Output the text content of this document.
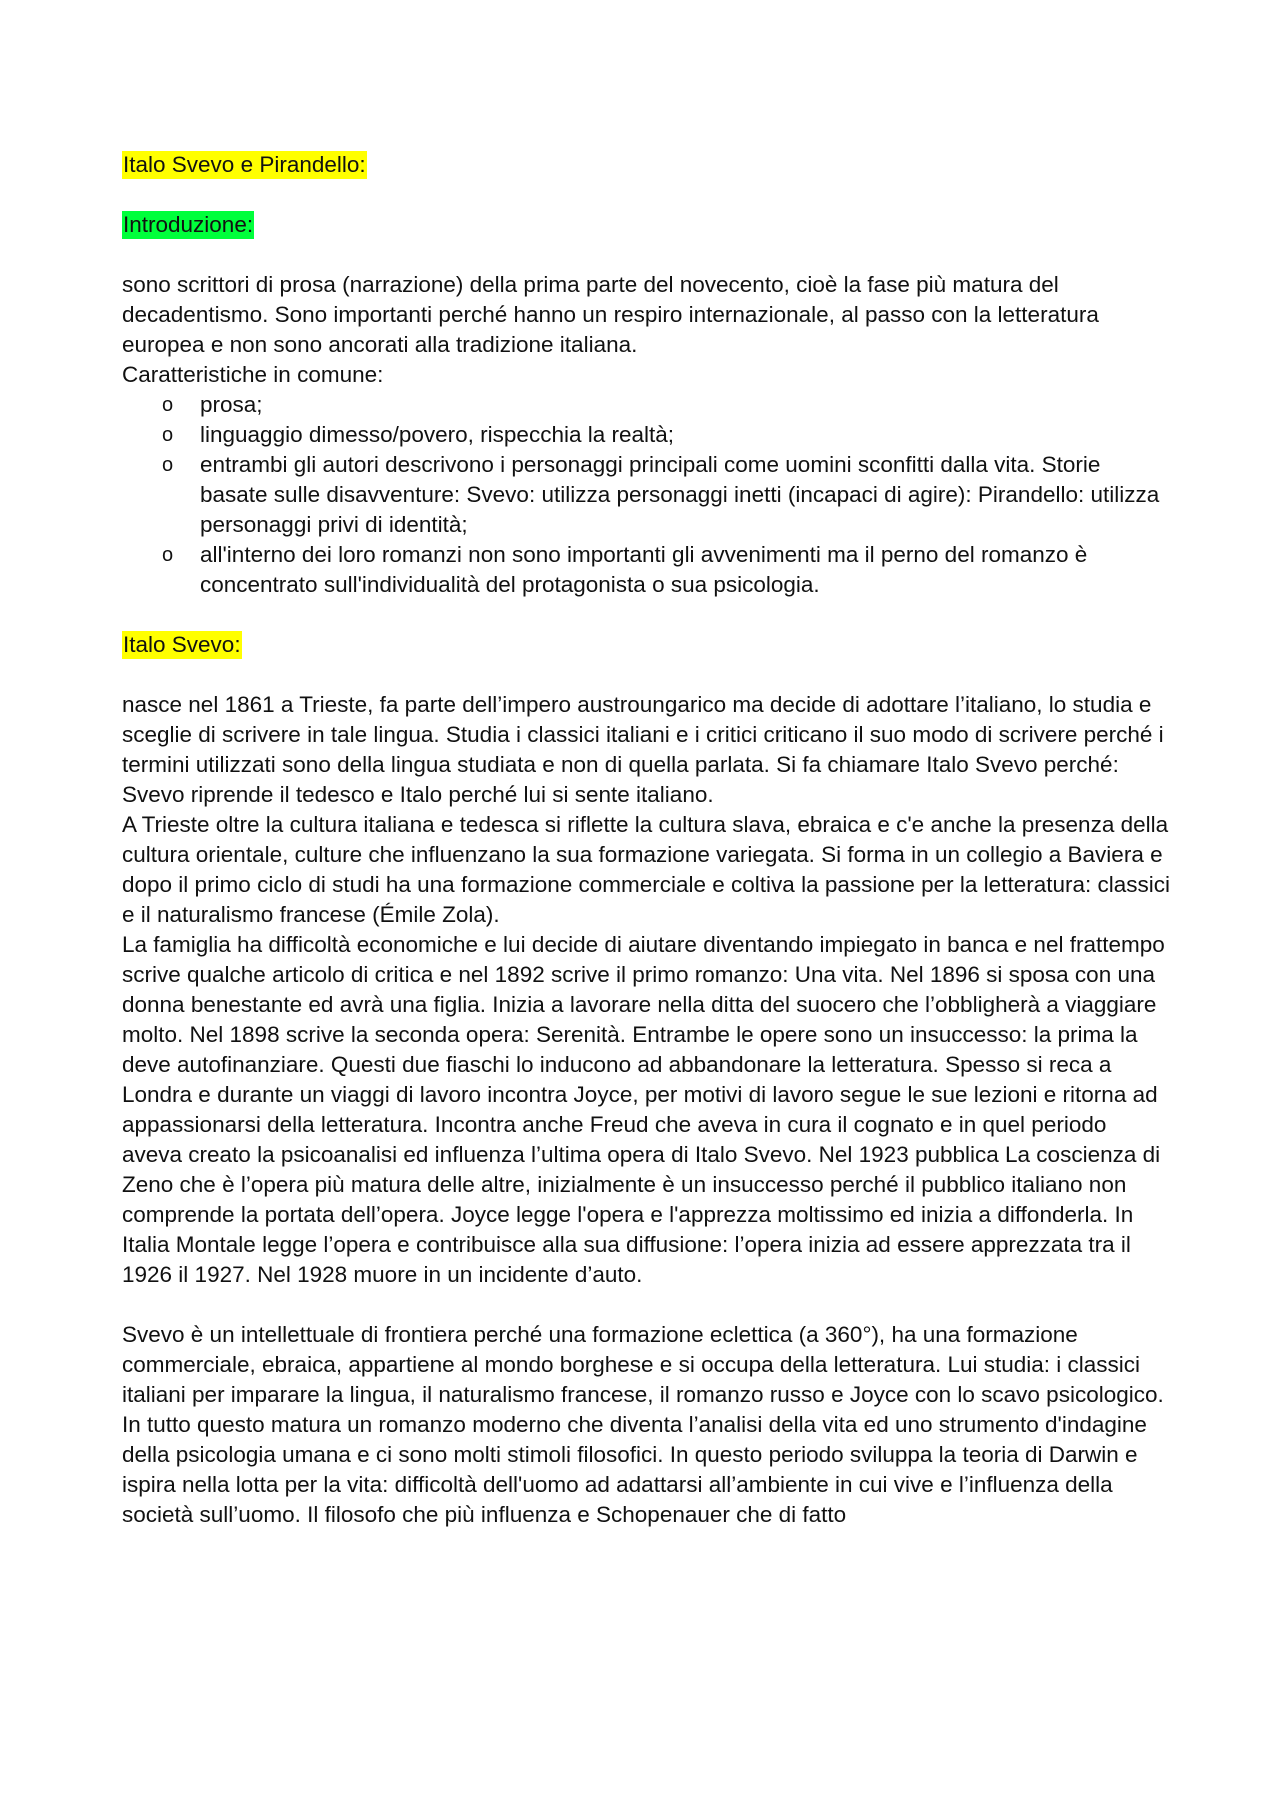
Italo Svevo e Pirandello:

Introduzione:

sono scrittori di prosa (narrazione) della prima parte del novecento, cioè la fase più matura del decadentismo. Sono importanti perché hanno un respiro internazionale, al passo con la letteratura europea e non sono ancorati alla tradizione italiana.

Caratteristiche in comune:

o prosa;
o linguaggio dimesso/povero, rispecchia la realtà;
o entrambi gli autori descrivono i personaggi principali come uomini sconfitti dalla vita. Storie basate sulle disavventure: Svevo: utilizza personaggi inetti (incapaci di agire): Pirandello: utilizza personaggi privi di identità;
o all'interno dei loro romanzi non sono importanti gli avvenimenti ma il perno del romanzo è concentrato sull'individualità del protagonista o sua psicologia.

Italo Svevo:

nasce nel 1861 a Trieste, fa parte dell’impero austroungarico ma decide di adottare l’italiano, lo studia e sceglie di scrivere in tale lingua. Studia i classici italiani e i critici criticano il suo modo di scrivere perché i termini utilizzati sono della lingua studiata e non di quella parlata. Si fa chiamare Italo Svevo perché: Svevo riprende il tedesco e Italo perché lui si sente italiano.

A Trieste oltre la cultura italiana e tedesca si riflette la cultura slava, ebraica e c'e anche la presenza della cultura orientale, culture che influenzano la sua formazione variegata. Si forma in un collegio a Baviera e dopo il primo ciclo di studi ha una formazione commerciale e coltiva la passione per la letteratura: classici e il naturalismo francese (Émile Zola).

La famiglia ha difficoltà economiche e lui decide di aiutare diventando impiegato in banca e nel frattempo scrive qualche articolo di critica e nel 1892 scrive il primo romanzo: Una vita. Nel 1896 si sposa con una donna benestante ed avrà una figlia. Inizia a lavorare nella ditta del suocero che l’obbligherà a viaggiare molto. Nel 1898 scrive la seconda opera: Serenità. Entrambe le opere sono un insuccesso: la prima la deve autofinanziare. Questi due fiaschi lo inducono ad abbandonare la letteratura. Spesso si reca a Londra e durante un viaggi di lavoro incontra Joyce, per motivi di lavoro segue le sue lezioni e ritorna ad appassionarsi della letteratura. Incontra anche Freud che aveva in cura il cognato e in quel periodo aveva creato la psicoanalisi ed influenza l’ultima opera di Italo Svevo. Nel 1923 pubblica La coscienza di Zeno che è l’opera più matura delle altre, inizialmente è un insuccesso perché il pubblico italiano non comprende la portata dell’opera. Joyce legge l'opera e l'apprezza moltissimo ed inizia a diffonderla. In Italia Montale legge l’opera e contribuisce alla sua diffusione: l’opera inizia ad essere apprezzata tra il 1926 il 1927. Nel 1928 muore in un incidente d’auto.

Svevo è un intellettuale di frontiera perché una formazione eclettica (a 360°), ha una formazione commerciale, ebraica, appartiene al mondo borghese e si occupa della letteratura. Lui studia: i classici italiani per imparare la lingua, il naturalismo francese, il romanzo russo e Joyce con lo scavo psicologico. In tutto questo matura un romanzo moderno che diventa l’analisi della vita ed uno strumento d'indagine della psicologia umana e ci sono molti stimoli filosofici. In questo periodo sviluppa la teoria di Darwin e ispira nella lotta per la vita: difficoltà dell'uomo ad adattarsi all’ambiente in cui vive e l’influenza della società sull’uomo. Il filosofo che più influenza e Schopenauer che di fatto
